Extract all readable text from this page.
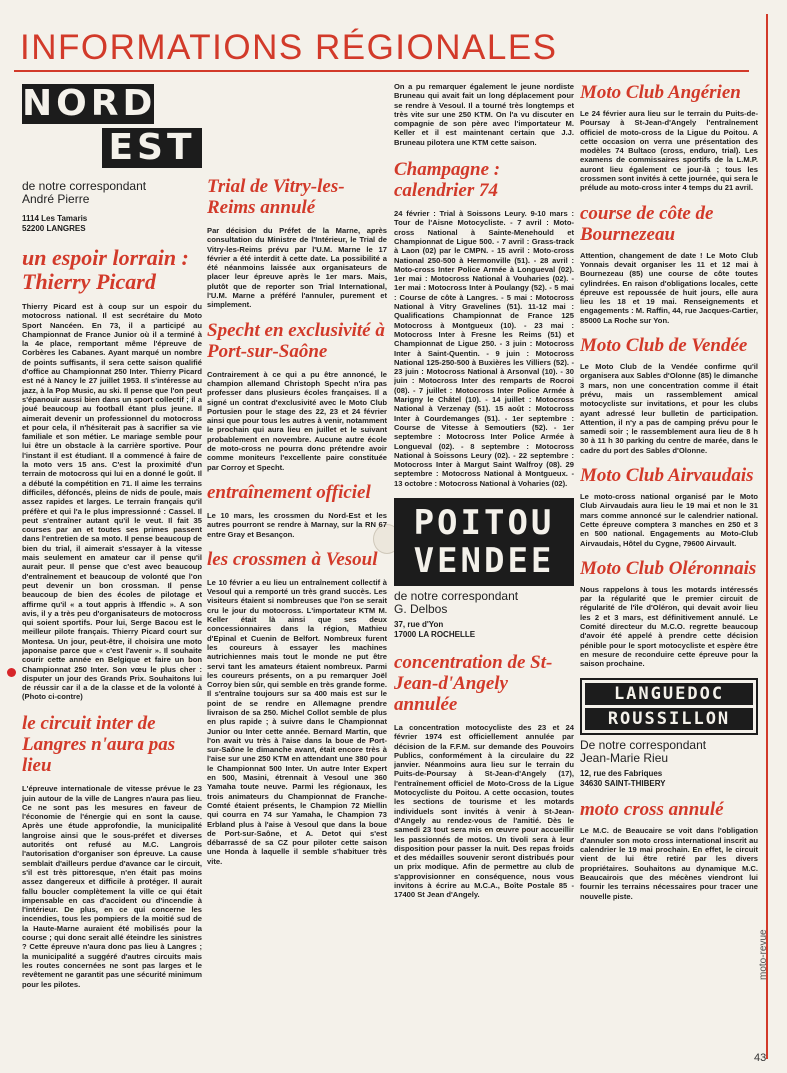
INFORMATIONS RÉGIONALES
moto-revue
43
NORD
EST
de notre correspondant
André Pierre
1114 Les Tamaris
52200 LANGRES
un espoir lorrain : Thierry Picard
Thierry Picard est à coup sur un espoir du motocross national. Il est secrétaire du Moto Sport Nancéen. En 73, il a participé au Championnat de France Junior où il a terminé à la 4e place, remportant même l'épreuve de Corbères les Cabanes. Ayant marqué un nombre de points suffisants, il sera cette saison qualifié d'office au Championnat 250 Inter. Thierry Picard est né à Nancy le 27 juillet 1953. Il s'intéresse au jazz, à la Pop Music, au ski. Il pense que l'on peut s'épanouir aussi bien dans un sport collectif ; il a joué beaucoup au football étant plus jeune. Il aimerait devenir un professionnel du motocross et pour cela, il n'hésiterait pas à sacrifier sa vie familiale et son métier. Le mariage semble pour lui être un obstacle à la carrière sportive. Pour l'instant il est étudiant. Il a commencé à faire de la moto vers 15 ans. C'est la proximité d'un terrain de motocross qui lui en a donné le goût. Il a débuté la compétition en 71. Il aime les terrains difficiles, défoncés, pleins de nids de poule, mais assez rapides et larges. Le terrain français qu'il préfère et qui l'a le plus impressionné : Cassel. Il peut s'entraîner autant qu'il le veut. Il fait 35 courses par an et toutes ses primes passent dans l'entretien de sa moto. Il pense beaucoup de bien du trial, il aimerait s'essayer à la vitesse mais seulement en amateur car il pense qu'il aurait peur. Il pense que c'est avec beaucoup d'entraînement et beaucoup de volonté que l'on peut devenir un bon crossman. Il pense beaucoup de bien des écoles de pilotage et affirme qu'il « a tout appris à Iffendic ». A son avis, il y a très peu d'organisateurs de motocross qui soient sportifs. Pour lui, Serge Bacou est le meilleur pilote français. Thierry Picard court sur Montesa. Un jour, peut-être, il choisira une moto japonaise parce que « c'est l'avenir ». Il souhaite courir cette année en Belgique et faire un bon Championnat 250 Inter. Son vœu le plus cher : disputer un jour des Grands Prix. Souhaitons lui de réussir car il a de la classe et de la volonté à
(Photo ci-contre)
le circuit inter de Langres n'aura pas lieu
L'épreuve internationale de vitesse prévue le 23 juin autour de la ville de Langres n'aura pas lieu. Ce ne sont pas les mesures en faveur de l'économie de l'énergie qui en sont la cause. Après une étude approfondie, la municipalité langroise ainsi que le sous-préfet et diverses autorités ont refusé au M.C. Langrois l'autorisation d'organiser son épreuve. La cause semblait d'ailleurs perdue d'avance car le circuit, s'il est très pittoresque, n'en était pas moins assez dangereux et difficile à protéger. Il aurait fallu boucler complètement la ville ce qui était impensable en cas d'accident ou d'incendie à l'intérieur. De plus, en ce qui concerne les incendies, tous les pompiers de la moitié sud de la Haute-Marne auraient été mobilisés pour la course ; qui donc serait allé éteindre les sinistres ? Cette épreuve n'aura donc pas lieu à Langres ; la municipalité a suggéré d'autres circuits mais les routes concernées ne sont pas larges et le revêtement ne garantit pas une sécurité minimum pour les pilotes.
Trial de Vitry-les-Reims annulé
Par décision du Préfet de la Marne, après consultation du Ministre de l'Intérieur, le Trial de Vitry-les-Reims prévu par l'U.M. Marne le 17 février a été interdit à cette date. La possibilité a été néanmoins laissée aux organisateurs de placer leur épreuve après le 1er mars. Mais, plutôt que de reporter son Trial International, l'U.M. Marne a préféré l'annuler, purement et simplement.
Specht en exclusivité à Port-sur-Saône
Contrairement à ce qui a pu être annoncé, le champion allemand Christoph Specht n'ira pas professer dans plusieurs écoles françaises. Il a signé un contrat d'exclusivité avec le Moto Club Portusien pour le stage des 22, 23 et 24 février ainsi que pour tous les autres à venir, notamment le prochain qui aura lieu en juillet et le suivant probablement en novembre. Aucune autre école de moto-cross ne pourra donc prétendre avoir comme moniteurs l'excellente paire constituée par Corroy et Specht.
entraînement officiel
Le 10 mars, les crossmen du Nord-Est et les autres pourront se rendre à Marnay, sur la RN 67 entre Gray et Besançon.
les crossmen à Vesoul
Le 10 février a eu lieu un entraînement collectif à Vesoul qui a remporté un très grand succès. Les visiteurs étaient si nombreuses que l'on se serait cru le jour du motocross. L'importateur KTM M. Keller était là ainsi que ses deux concessionnaires dans la région, Mathieu d'Epinal et Cuenin de Belfort. Nombreux furent les coureurs à essayer les machines autrichiennes mais tout le monde ne put être servi tant les amateurs étaient nombreux. Parmi les coureurs présents, on a pu remarquer Joël Corroy bien sûr, qui semble en très grande forme. Il s'entraîne toujours sur sa 400 mais est sur le point de se rendre en Allemagne prendre livraison de sa 250. Michel Collot semble de plus en plus rapide ; à suivre dans le Championnat Junior ou Inter cette année. Bernard Martin, que l'on avait vu très à l'aise dans la boue de Port-sur-Saône le dimanche avant, était encore très à l'aise sur une 250 KTM en attendant une 380 pour le Championnat 500 Inter. Un autre Inter Expert en 500, Masini, étrennait à Vesoul une 360 Yamaha toute neuve. Parmi les régionaux, les trois animateurs du Championnat de Franche-Comté étaient présents, le Champion 72 Miellin qui courra en 74 sur Yamaha, le Champion 73 Erbland plus à l'aise à Vesoul que dans la boue de Port-sur-Saône, et A. Detot qui s'est débarrassé de sa CZ pour piloter cette saison une Honda à laquelle il semble s'habituer très vite.
On a pu remarquer également le jeune nordiste Bruneau qui avait fait un long déplacement pour se rendre à Vesoul. Il a tourné très longtemps et très vite sur une 250 KTM. On l'a vu discuter en compagnie de son père avec l'importateur M. Keller et il est maintenant certain que J.J. Bruneau pilotera une KTM cette saison.
Champagne : calendrier 74
24 février : Trial à Soissons Leury. 9-10 mars : Tour de l'Aisne Motocycliste. - 7 avril : Moto-cross National à Sainte-Menehould et Championnat de Ligue 500. - 7 avril : Grass-track à Laon (02) par le CMPN. - 15 avril : Moto-cross National 250-500 à Hermonville (51). - 28 avril : Moto-cross Inter Police Armée à Longueval (02). 1er mai : Motocross National à Vouharies (02). - 1er mai : Motocross Inter à Poulangy (52). - 5 mai : Course de côte à Langres. - 5 mai : Motocross National à Vitry Gravelines (51). 11-12 mai : Qualifications Championnat de France 125 Motocross à Montgueux (10). - 23 mai : Motocross Inter à Fresne les Reims (51) et Championnat de Ligue 250. - 3 juin : Motocross Inter à Saint-Quentin. - 9 juin : Motocross National 125-250-500 à Buxières les Villiers (52). - 23 juin : Motocross National à Arsonval (10). - 30 juin : Motocross Inter des remparts de Rocroi (08). - 7 juillet : Motocross Inter Police Armée à Marigny le Châtel (10). - 14 juillet : Motocross National à Verzenay (51). 15 août : Motocross Inter à Courdemanges (51). - 1er septembre : Course de Vitesse à Semoutiers (52). - 1er septembre : Motocross Inter Police Armée à Longueval (02). - 8 septembre : Motocross National à Soissons Leury (02). - 22 septembre : Motocross Inter à Margut Saint Walfroy (08). 29 septembre : Motocross National à Montgueux. - 13 octobre : Motocross National à Voharies (02).
POITOU
VENDEE
de notre correspondant
G. Delbos
37, rue d'Yon
17000 LA ROCHELLE
concentration de St-Jean-d'Angely annulée
La concentration motocycliste des 23 et 24 février 1974 est officiellement annulée par décision de la F.F.M. sur demande des Pouvoirs Publics, conformément à la circulaire du 22 janvier. Néanmoins aura lieu sur le terrain du Puits-de-Poursay à St-Jean-d'Angely (17), l'entraînement officiel de Moto-Cross de la Ligue Motocycliste du Poitou. A cette occasion, toutes les sections de tourisme et les motards individuels sont invités à venir à St-Jean-d'Angely au rendez-vous de l'amitié. Dès le samedi 23 tout sera mis en œuvre pour accueillir les passionnés de motos. Un tivoli sera à leur disposition pour passer la nuit. Des repas froids et des médailles souvenir seront distribués pour un prix modique. Afin de permettre au club de s'approvisionner en conséquence, nous vous invitons à écrire au M.C.A., Boîte Postale 85 - 17400 St Jean d'Angely.
Moto Club Angérien
Le 24 février aura lieu sur le terrain du Puits-de-Poursay à St-Jean-d'Angely l'entraînement officiel de moto-cross de la Ligue du Poitou. A cette occasion on verra une présentation des modèles 74 Bultaco (cross, enduro, trial). Les examens de commissaires sportifs de la L.M.P. auront lieu également ce jour-là ; tous les crossmen sont invités à cette journée, qui sera le prélude au moto-cross inter 4 temps du 21 avril.
course de côte de Bournezeau
Attention, changement de date ! Le Moto Club Yonnais devait organiser les 11 et 12 mai à Bournezeau (85) une course de côte toutes cylindrées. En raison d'obligations locales, cette épreuve est repoussée de huit jours, elle aura lieu les 18 et 19 mai. Renseignements et engagements : M. Raffin, 44, rue Jacques-Cartier, 85000 La Roche sur Yon.
Moto Club de Vendée
Le Moto Club de la Vendée confirme qu'il organisera aux Sables d'Olonne (85) le dimanche 3 mars, non une concentration comme il était prévu, mais un rassemblement amical motocycliste sur invitations, et pour les clubs ayant adressé leur bulletin de participation. Attention, il n'y a pas de camping prévu pour le samedi soir ; le rassemblement aura lieu de 8 h 30 à 11 h 30 parking du centre de marée, dans le cadre du port des Sables d'Olonne.
Moto Club Airvaudais
Le moto-cross national organisé par le Moto Club Airvaudais aura lieu le 19 mai et non le 31 mars comme annoncé sur le calendrier national. Cette épreuve comptera 3 manches en 250 et 3 en 500 national. Engagements au Moto-Club Airvaudais, Hôtel du Cygne, 79600 Airvault.
Moto Club Oléronnais
Nous rappelons à tous les motards intéressés par la régularité que le premier circuit de régularité de l'île d'Oléron, qui devait avoir lieu les 2 et 3 mars, est définitivement annulé. Le Comité directeur du M.C.O. regrette beaucoup d'avoir été appelé à prendre cette décision pénible pour le sport motocycliste et espère être en mesure de reconduire cette épreuve pour la saison prochaine.
LANGUEDOC
ROUSSILLON
De notre correspondant
Jean-Marie Rieu
12, rue des Fabriques
34630 SAINT-THIBERY
moto cross annulé
Le M.C. de Beaucaire se voit dans l'obligation d'annuler son moto cross international inscrit au calendrier le 19 mai prochain. En effet, le circuit vient de lui être retiré par les divers propriétaires. Souhaitons au dynamique M.C. Beaucairois que des mécènes viendront lui fournir les terrains nécessaires pour tracer une nouvelle piste.
